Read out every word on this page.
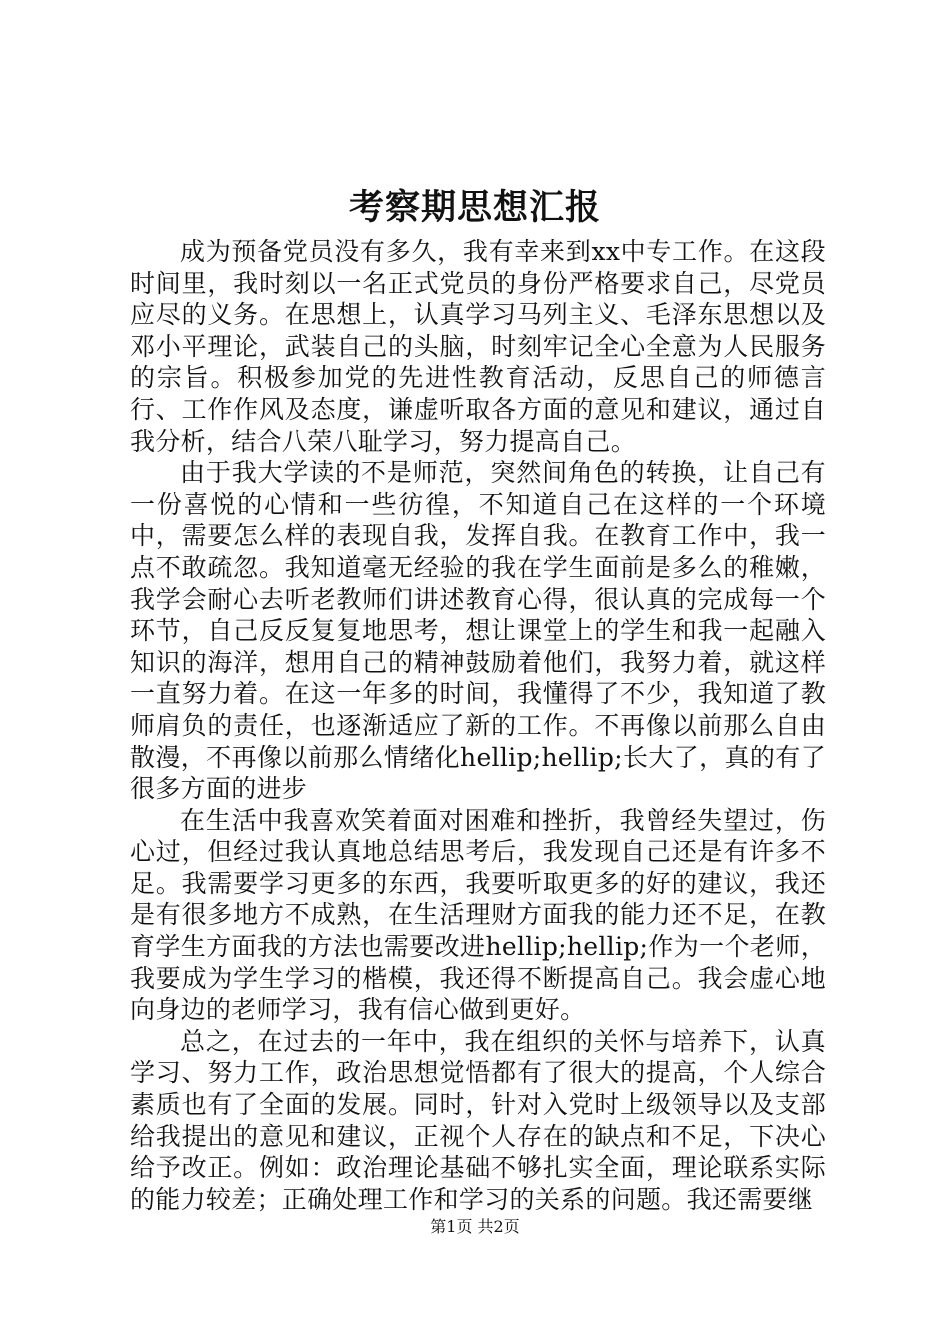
考察期思想汇报

成为预备党员没有多久，我有幸来到xx中专工作。在这段时间里，我时刻以一名正式党员的身份严格要求自己，尽党员应尽的义务。在思想上，认真学习马列主义、毛泽东思想以及邓小平理论，武装自己的头脑，时刻牢记全心全意为人民服务的宗旨。积极参加党的先进性教育活动，反思自己的师德言行、工作作风及态度，谦虚听取各方面的意见和建议，通过自我分析，结合八荣八耻学习，努力提高自己。

由于我大学读的不是师范，突然间角色的转换，让自己有一份喜悦的心情和一些彷徨，不知道自己在这样的一个环境中，需要怎么样的表现自我，发挥自我。在教育工作中，我一点不敢疏忽。我知道毫无经验的我在学生面前是多么的稚嫩，我学会耐心去听老教师们讲述教育心得，很认真的完成每一个环节，自己反反复复地思考，想让课堂上的学生和我一起融入知识的海洋，想用自己的精神鼓励着他们，我努力着，就这样一直努力着。在这一年多的时间，我懂得了不少，我知道了教师肩负的责任，也逐渐适应了新的工作。不再像以前那么自由散漫，不再像以前那么情绪化hellip;hellip;长大了，真的有了很多方面的进步

在生活中我喜欢笑着面对困难和挫折，我曾经失望过，伤心过，但经过我认真地总结思考后，我发现自己还是有许多不足。我需要学习更多的东西，我要听取更多的好的建议，我还是有很多地方不成熟，在生活理财方面我的能力还不足，在教育学生方面我的方法也需要改进hellip;hellip;作为一个老师，我要成为学生学习的楷模，我还得不断提高自己。我会虚心地向身边的老师学习，我有信心做到更好。

总之，在过去的一年中，我在组织的关怀与培养下，认真学习、努力工作，政治思想觉悟都有了很大的提高，个人综合素质也有了全面的发展。同时，针对入党时上级领导以及支部给我提出的意见和建议，正视个人存在的缺点和不足，下决心给予改正。例如：政治理论基础不够扎实全面，理论联系实际的能力较差；正确处理工作和学习的关系的问题。我还需要继

第1页 共2页
